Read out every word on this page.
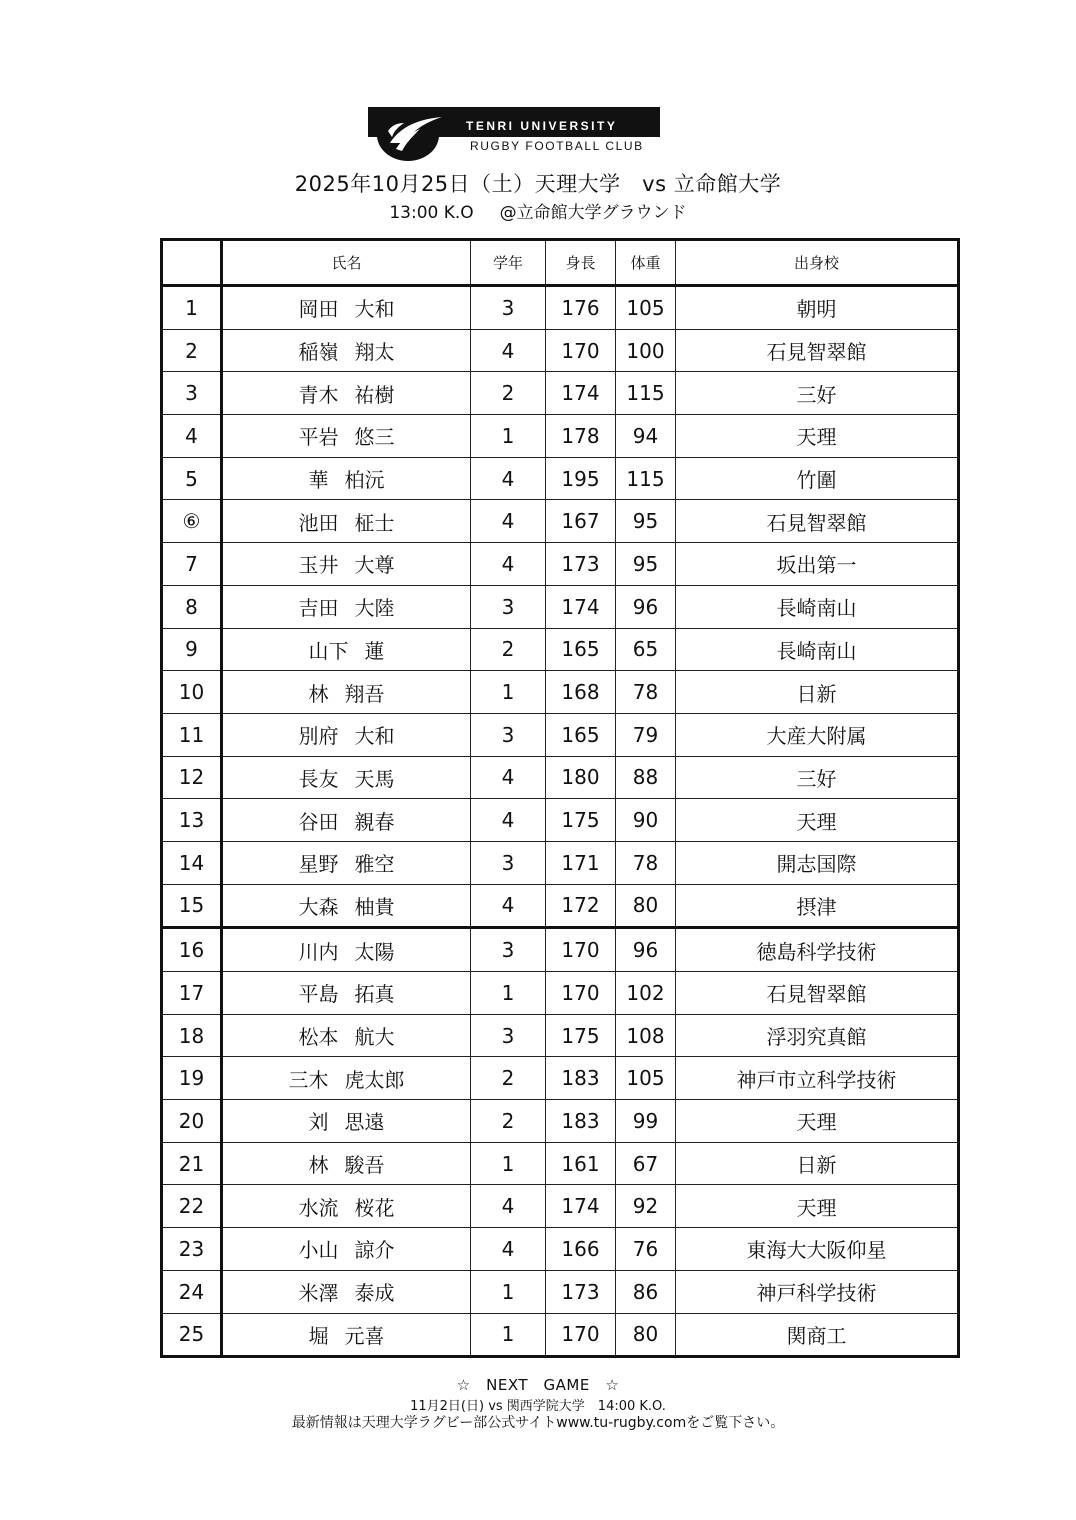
TENRI UNIVERSITY
RUGBY FOOTBALL CLUB
2025年10月25日（土）天理大学　vs 立命館大学
13:00 K.O @立命館大学グラウンド
	氏名	学年	身長	体重	出身校
1	岡田 大和	3	176	105	朝明
2	稲嶺 翔太	4	170	100	石見智翠館
3	青木 祐樹	2	174	115	三好
4	平岩 悠三	1	178	94	天理
5	華 柏沅	4	195	115	竹圍
⑥	池田 柾士	4	167	95	石見智翠館
7	玉井 大尊	4	173	95	坂出第一
8	吉田 大陸	3	174	96	長崎南山
9	山下 蓮	2	165	65	長崎南山
10	林 翔吾	1	168	78	日新
11	別府 大和	3	165	79	大産大附属
12	長友 天馬	4	180	88	三好
13	谷田 親春	4	175	90	天理
14	星野 雅空	3	171	78	開志国際
15	大森 柚貴	4	172	80	摂津
16	川内 太陽	3	170	96	徳島科学技術
17	平島 拓真	1	170	102	石見智翠館
18	松本 航大	3	175	108	浮羽究真館
19	三木 虎太郎	2	183	105	神戸市立科学技術
20	刘 思遠	2	183	99	天理
21	林 駿吾	1	161	67	日新
22	水流 桜花	4	174	92	天理
23	小山 諒介	4	166	76	東海大大阪仰星
24	米澤 泰成	1	173	86	神戸科学技術
25	堀 元喜	1	170	80	関商工
☆　NEXT　GAME　☆
11月2日(日) vs 関西学院大学　14:00 K.O.
最新情報は天理大学ラグビー部公式サイトwww.tu-rugby.comをご覧下さい。
